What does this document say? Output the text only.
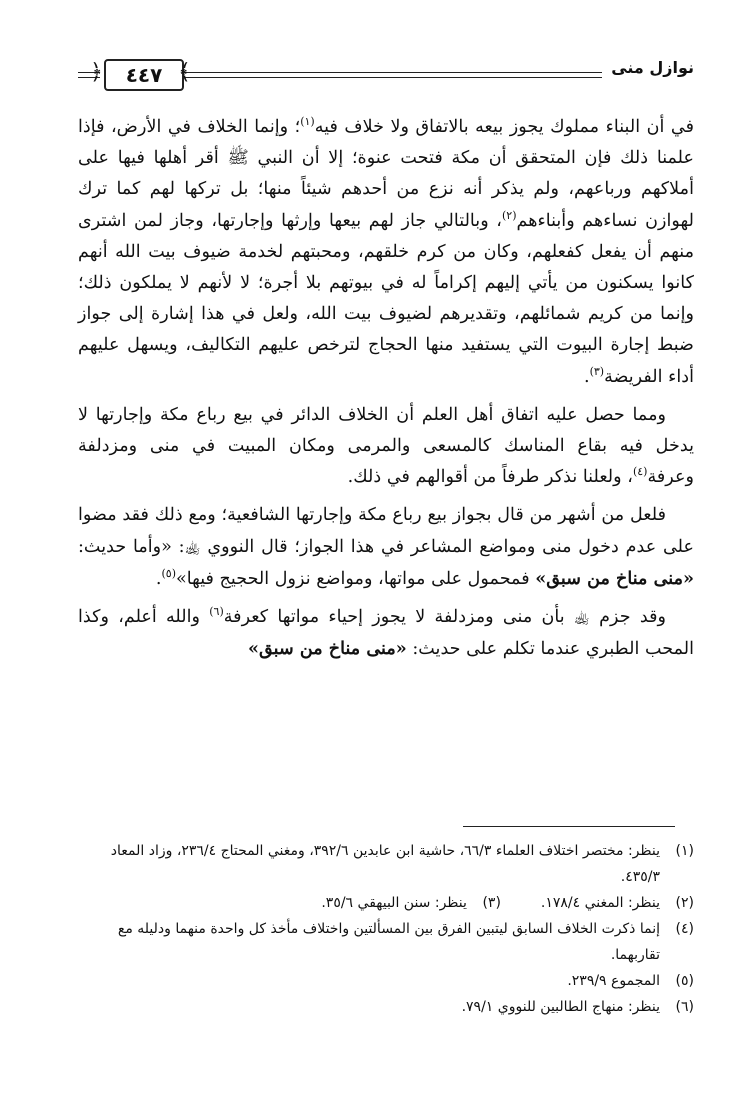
نوازل منى
٤٤٧
﴿	﴾

في أن البناء مملوك يجوز بيعه بالاتفاق ولا خلاف فيه$^{(١)}$؛ وإنما الخلاف في الأرض، فإذا علمنا ذلك فإن المتحقق أن مكة فتحت عنوة؛ إلا أن النبي ﷺ أقر أهلها فيها على أملاكهم ورباعهم، ولم يذكر أنه نزع من أحدهم شيئاً منها؛ بل تركها لهم كما ترك لهوازن نساءهم وأبناءهم$^{(٢)}$، وبالتالي جاز لهم بيعها وإرثها وإجارتها، وجاز لمن اشترى منهم أن يفعل كفعلهم، وكان من كرم خلقهم، ومحبتهم لخدمة ضيوف بيت الله أنهم كانوا يسكنون من يأتي إليهم إكراماً له في بيوتهم بلا أجرة؛ لا لأنهم لا يملكون ذلك؛ وإنما من كريم شمائلهم، وتقديرهم لضيوف بيت الله، ولعل في هذا إشارة إلى جواز ضبط إجارة البيوت التي يستفيد منها الحجاج لترخص عليهم التكاليف، ويسهل عليهم أداء الفريضة$^{(٣)}$.

ومما حصل عليه اتفاق أهل العلم أن الخلاف الدائر في بيع رباع مكة وإجارتها لا يدخل فيه بقاع المناسك كالمسعى والمرمى ومكان المبيت في منى ومزدلفة وعرفة$^{(٤)}$، ولعلنا نذكر طرفاً من أقوالهم في ذلك.

فلعل من أشهر من قال بجواز بيع رباع مكة وإجارتها الشافعية؛ ومع ذلك فقد مضوا على عدم دخول منى ومواضع المشاعر في هذا الجواز؛ قال النووي ﵀: «وأما حديث: «منى مناخ من سبق» فمحمول على مواتها، ومواضع نزول الحجيج فيها»$^{(٥)}$.

وقد جزم ﵀ بأن منى ومزدلفة لا يجوز إحياء مواتها كعرفة$^{(٦)}$ والله أعلم، وكذا المحب الطبري عندما تكلم على حديث: «منى مناخ من سبق»

(١)
ينظر: مختصر اختلاف العلماء ٦٦/٣، حاشية ابن عابدين ٣٩٢/٦، ومغني المحتاج ٢٣٦/٤، وزاد المعاد ٤٣٥/٣.

(٢)
ينظر: المغني ١٧٨/٤.

(٣)
ينظر: سنن البيهقي ٣٥/٦.

(٤)
إنما ذكرت الخلاف السابق ليتبين الفرق بين المسألتين واختلاف مأخذ كل واحدة منهما ودليله مع تقاربهما.

(٥)
المجموع ٢٣٩/٩.

(٦)
ينظر: منهاج الطالبين للنووي ٧٩/١.
